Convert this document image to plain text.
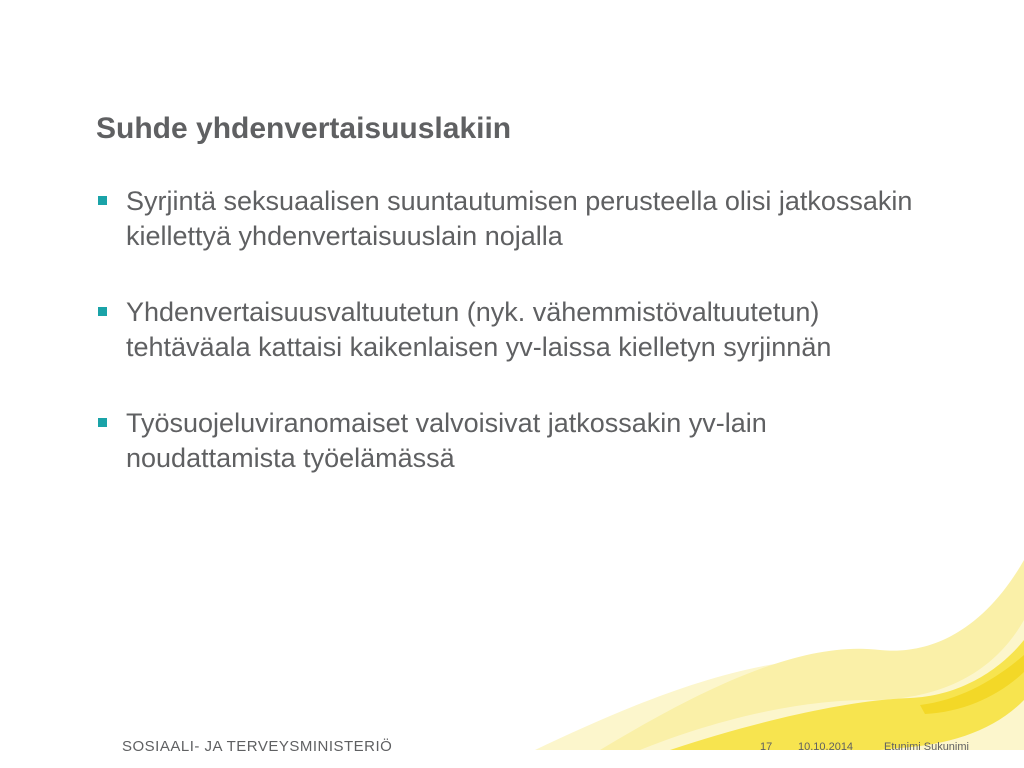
Suhde yhdenvertaisuuslakiin
Syrjintä seksuaalisen suuntautumisen perusteella olisi jatkossakin kiellettyä yhdenvertaisuuslain nojalla
Yhdenvertaisuusvaltuutetun (nyk. vähemmistövaltuutetun) tehtäväala kattaisi kaikenlaisen yv-laissa kielletyn syrjinnän
Työsuojeluviranomaiset valvoisivat jatkossakin yv-lain noudattamista työelämässä
SOSIAALI- JA TERVEYSMINISTERIÖ	17 10.10.2014	Etunimi Sukunimi
